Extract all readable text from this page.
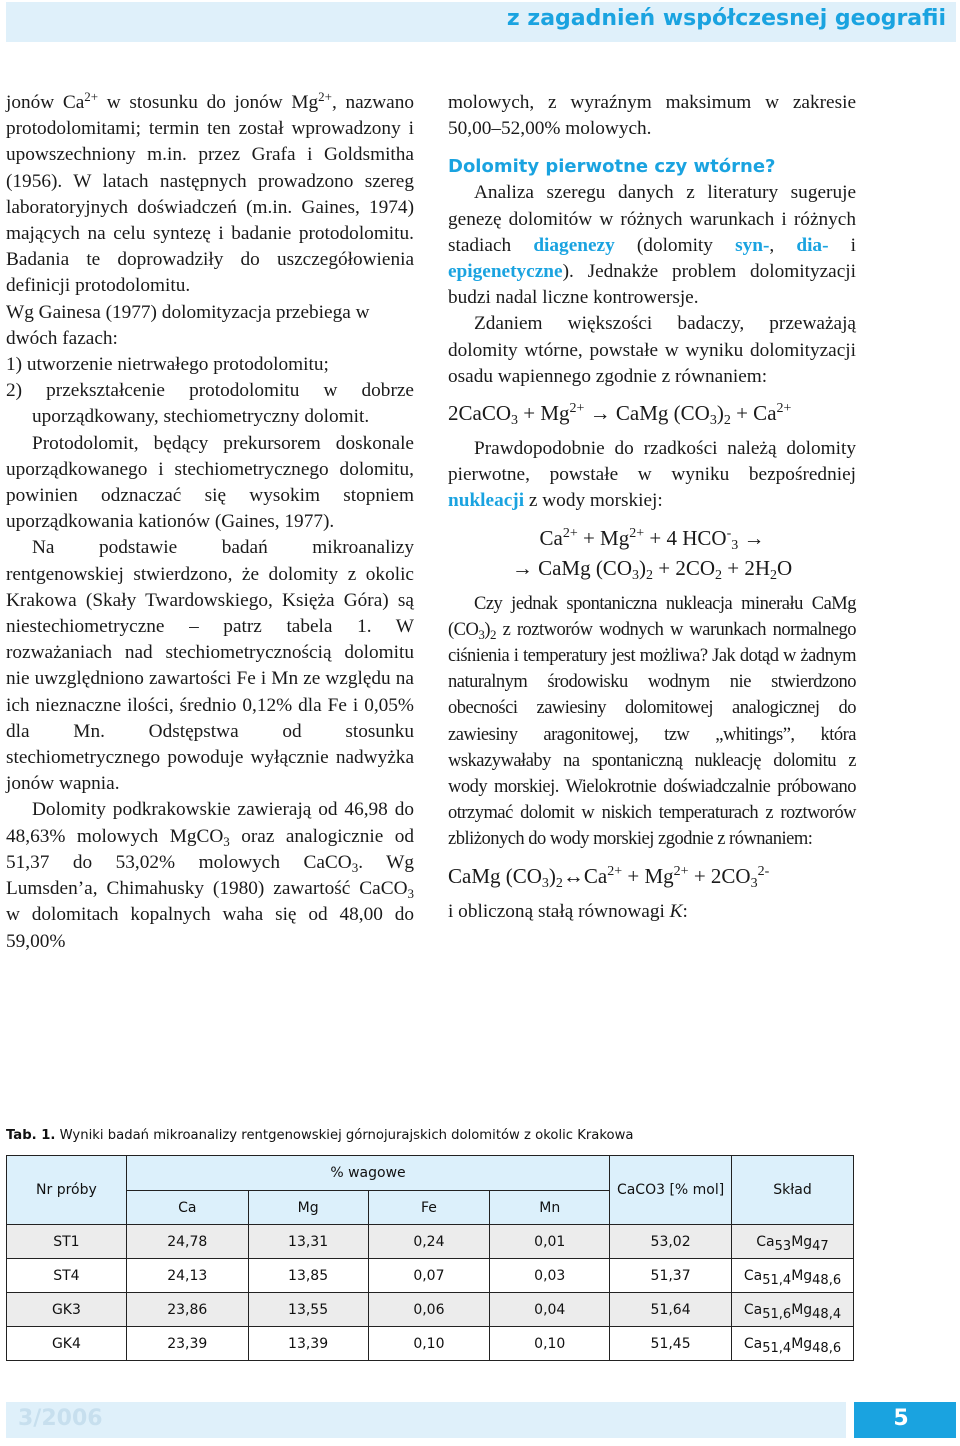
z zagadnień współczesnej geografii

jonów $Ca^{2+}$ w stosunku do jonów $Mg^{2+}$, nazwano protodolomitami; termin ten został wprowadzony i upowszechniony m.in. przez Grafa i Goldsmitha (1956). W latach następnych prowadzono szereg laboratoryjnych doświadczeń (m.in. Gaines, 1974) mających na celu syntezę i badanie protodolomitu. Badania te doprowadziły do uszczegółowienia definicji protodolomitu.

Wg Gainesa (1977) dolomityzacja przebiega w dwóch fazach:

1) utworzenie nietrwałego protodolomitu;

2) przekształcenie protodolomitu w dobrze uporządkowany, stechiometryczny dolomit.

Protodolomit, będący prekursorem doskonale uporządkowanego i stechiometrycznego dolomitu, powinien odznaczać się wysokim stopniem uporządkowania kationów (Gaines, 1977).

Na podstawie badań mikroanalizy rentgenowskiej stwierdzono, że dolomity z okolic Krakowa (Skały Twardowskiego, Księża Góra) są niestechiometryczne – patrz tabela 1. W rozważaniach nad stechiometrycznością dolomitu nie uwzględniono zawartości Fe i Mn ze względu na ich nieznaczne ilości, średnio 0,12% dla Fe i 0,05% dla Mn. Odstępstwa od stosunku stechiometrycznego powoduje wyłącznie nadwyżka jonów wapnia.

Dolomity podkrakowskie zawierają od 46,98 do 48,63% molowych MgCO$_3$ oraz analogicznie od 51,37 do 53,02% molowych CaCO$_3$. Wg Lumsden’a, Chimahusky (1980) zawartość CaCO$_3$ w dolomitach kopalnych waha się od 48,00 do 59,00%

molowych, z wyraźnym maksimum w zakresie 50,00–52,00% molowych.

Dolomity pierwotne czy wtórne?

Analiza szeregu danych z literatury sugeruje genezę dolomitów w różnych warunkach i różnych stadiach diagenezy (dolomity syn-, dia- i epigenetyczne). Jednakże problem dolomityzacji budzi nadal liczne kontrowersje.

Zdaniem większości badaczy, przeważają dolomity wtórne, powstałe w wyniku dolomityzacji osadu wapiennego zgodnie z równaniem:

2CaCO$_3$ + $Mg^{2+}$ → CaMg $(CO_3)_2 + Ca^{2+}$

Prawdopodobnie do rzadkości należą dolomity pierwotne, powstałe w wyniku bezpośredniej nukleacji z wody morskiej:

$Ca^{2+} + Mg^{2+} + 4$ $HCO^-_3$ →
→ CaMg $(CO_3)_2 + 2CO_2 + 2H_2O$

Czy jednak spontaniczna nukleacja minerału CaMg $(CO_3)_2$ z roztworów wodnych w warunkach normalnego ciśnienia i temperatury jest możliwa? Jak dotąd w żadnym naturalnym środowisku wodnym nie stwierdzono obecności zawiesiny dolomitowej analogicznej do zawiesiny aragonitowej, tzw „whitings”, która wskazywałaby na spontaniczną nukleację dolomitu z wody morskiej. Wielokrotnie doświadczalnie próbowano otrzymać dolomit w niskich temperaturach z roztworów zbliżonych do wody morskiej zgodnie z równaniem:

CaMg $(CO_3)_2\leftrightarrow Ca^{2+} + Mg^{2+} + 2CO_3^{2-}$

i obliczoną stałą równowagi K:

Tab. 1. Wyniki badań mikroanalizy rentgenowskiej górnojurajskich dolomitów z okolic Krakowa
Nr próby	% wagowe				CaCO3 [% mol]	Skład
	Ca	Mg	Fe	Mn		
ST1	24,78	13,31	0,24	0,01	53,02	Ca53Mg47
ST4	24,13	13,85	0,07	0,03	51,37	Ca51,4Mg48,6
GK3	23,86	13,55	0,06	0,04	51,64	Ca51,6Mg48,4
GK4	23,39	13,39	0,10	0,10	51,45	Ca51,4Mg48,6
3/2006	5
